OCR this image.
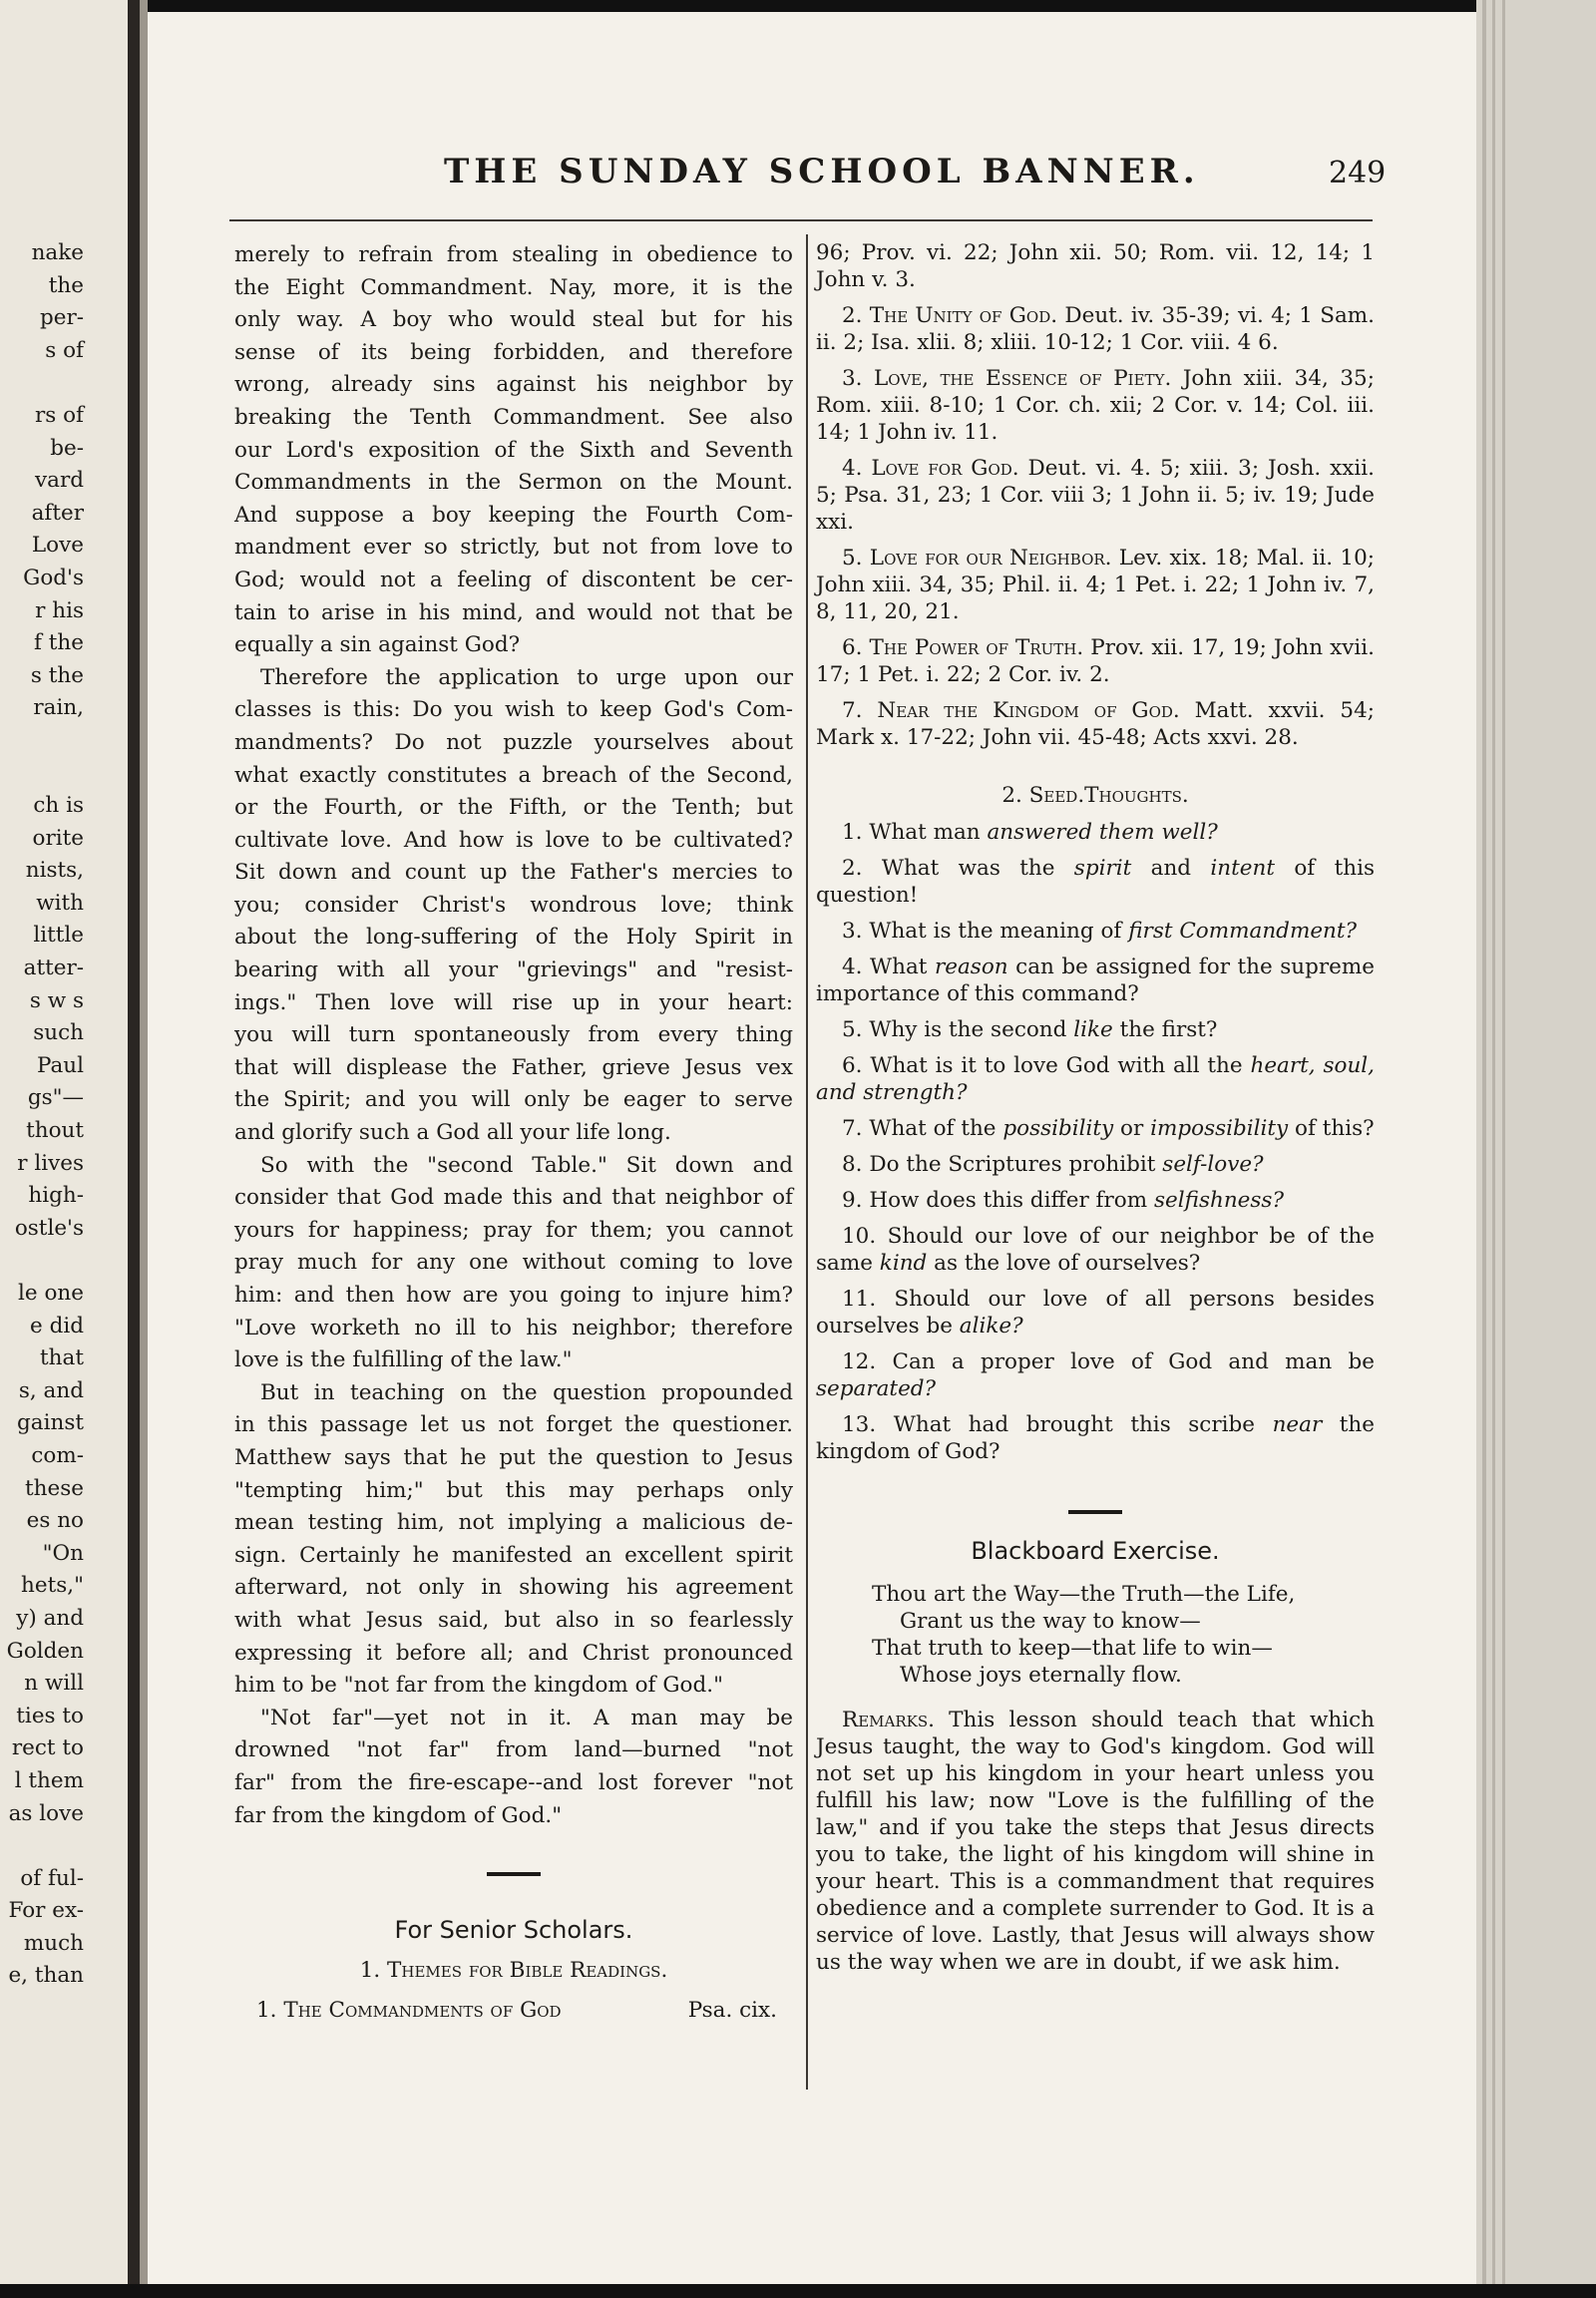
nake
the
per-
s of
rs of
be-
vard
after
Love
God's
r his
f the
s the
rain,
ch is
orite
nists,
with
little
atter-
s w s
such
Paul
gs"—
thout
r lives
high-
ostle's
le one
e did
that
s, and
gainst
com-
these
es no
"On
hets,"
y) and
Golden
n will
ties to
rect to
l them
as love
of ful-
For ex-
much
e, than
THE SUNDAY SCHOOL BANNER.	249

merely to refrain from stealing in obedience to
the Eight Commandment. Nay, more, it is the
only way. A boy who would steal but for his
sense of its being forbidden, and therefore
wrong, already sins against his neighbor by
breaking the Tenth Commandment. See also
our Lord's exposition of the Sixth and Seventh
Commandments in the Sermon on the Mount.
And suppose a boy keeping the Fourth Com-
mandment ever so strictly, but not from love to
God; would not a feeling of discontent be cer-
tain to arise in his mind, and would not that be
equally a sin against God?

Therefore the application to urge upon our
classes is this: Do you wish to keep God's Com-
mandments? Do not puzzle yourselves about
what exactly constitutes a breach of the Second,
or the Fourth, or the Fifth, or the Tenth; but
cultivate love. And how is love to be cultivated?
Sit down and count up the Father's mercies to
you; consider Christ's wondrous love; think
about the long-suffering of the Holy Spirit in
bearing with all your "grievings" and "resist-
ings." Then love will rise up in your heart:
you will turn spontaneously from every thing
that will displease the Father, grieve Jesus vex
the Spirit; and you will only be eager to serve
and glorify such a God all your life long.

So with the "second Table." Sit down and
consider that God made this and that neighbor of
yours for happiness; pray for them; you cannot
pray much for any one without coming to love
him: and then how are you going to injure him?
"Love worketh no ill to his neighbor; therefore
love is the fulfilling of the law."

But in teaching on the question propounded
in this passage let us not forget the questioner.
Matthew says that he put the question to Jesus
"tempting him;" but this may perhaps only
mean testing him, not implying a malicious de-
sign. Certainly he manifested an excellent spirit
afterward, not only in showing his agreement
with what Jesus said, but also in so fearlessly
expressing it before all; and Christ pronounced
him to be "not far from the kingdom of God."

"Not far"—yet not in it. A man may be
drowned "not far" from land—burned "not
far" from the fire-escape--and lost forever "not
far from the kingdom of God."

For Senior Scholars.
1. Themes for Bible Readings.
1. The Commandments of God	Psa. cix.

96; Prov. vi. 22; John xii. 50; Rom. vii. 12, 14; 1 John v. 3.

2. The Unity of God. Deut. iv. 35-39; vi. 4; 1 Sam. ii. 2; Isa. xlii. 8; xliii. 10-12; 1 Cor. viii. 4 6.

3. Love, the Essence of Piety. John xiii. 34, 35; Rom. xiii. 8-10; 1 Cor. ch. xii; 2 Cor. v. 14; Col. iii. 14; 1 John iv. 11.

4. Love for God. Deut. vi. 4. 5; xiii. 3; Josh. xxii. 5; Psa. 31, 23; 1 Cor. viii 3; 1 John ii. 5; iv. 19; Jude xxi.

5. Love for our Neighbor. Lev. xix. 18; Mal. ii. 10; John xiii. 34, 35; Phil. ii. 4; 1 Pet. i. 22; 1 John iv. 7, 8, 11, 20, 21.

6. The Power of Truth. Prov. xii. 17, 19; John xvii. 17; 1 Pet. i. 22; 2 Cor. iv. 2.

7. Near the Kingdom of God. Matt. xxvii. 54; Mark x. 17-22; John vii. 45-48; Acts xxvi. 28.

2. Seed.Thoughts.

1. What man answered them well?

2. What was the spirit and intent of this question!

3. What is the meaning of first Commandment?

4. What reason can be assigned for the supreme importance of this command?

5. Why is the second like the first?

6. What is it to love God with all the heart, soul, and strength?

7. What of the possibility or impossibility of this?

8. Do the Scriptures prohibit self-love?

9. How does this differ from selfishness?

10. Should our love of our neighbor be of the same kind as the love of ourselves?

11. Should our love of all persons besides ourselves be alike?

12. Can a proper love of God and man be separated?

13. What had brought this scribe near the kingdom of God?

Blackboard Exercise.
Thou art the Way—the Truth—the Life,
Grant us the way to know—
That truth to keep—that life to win—
Whose joys eternally flow.

Remarks. This lesson should teach that which Jesus taught, the way to God's kingdom. God will not set up his kingdom in your heart unless you fulfill his law; now "Love is the fulfilling of the law," and if you take the steps that Jesus directs you to take, the light of his kingdom will shine in your heart. This is a commandment that requires obedience and a complete surrender to God. It is a service of love. Lastly, that Jesus will always show us the way when we are in doubt, if we ask him.
